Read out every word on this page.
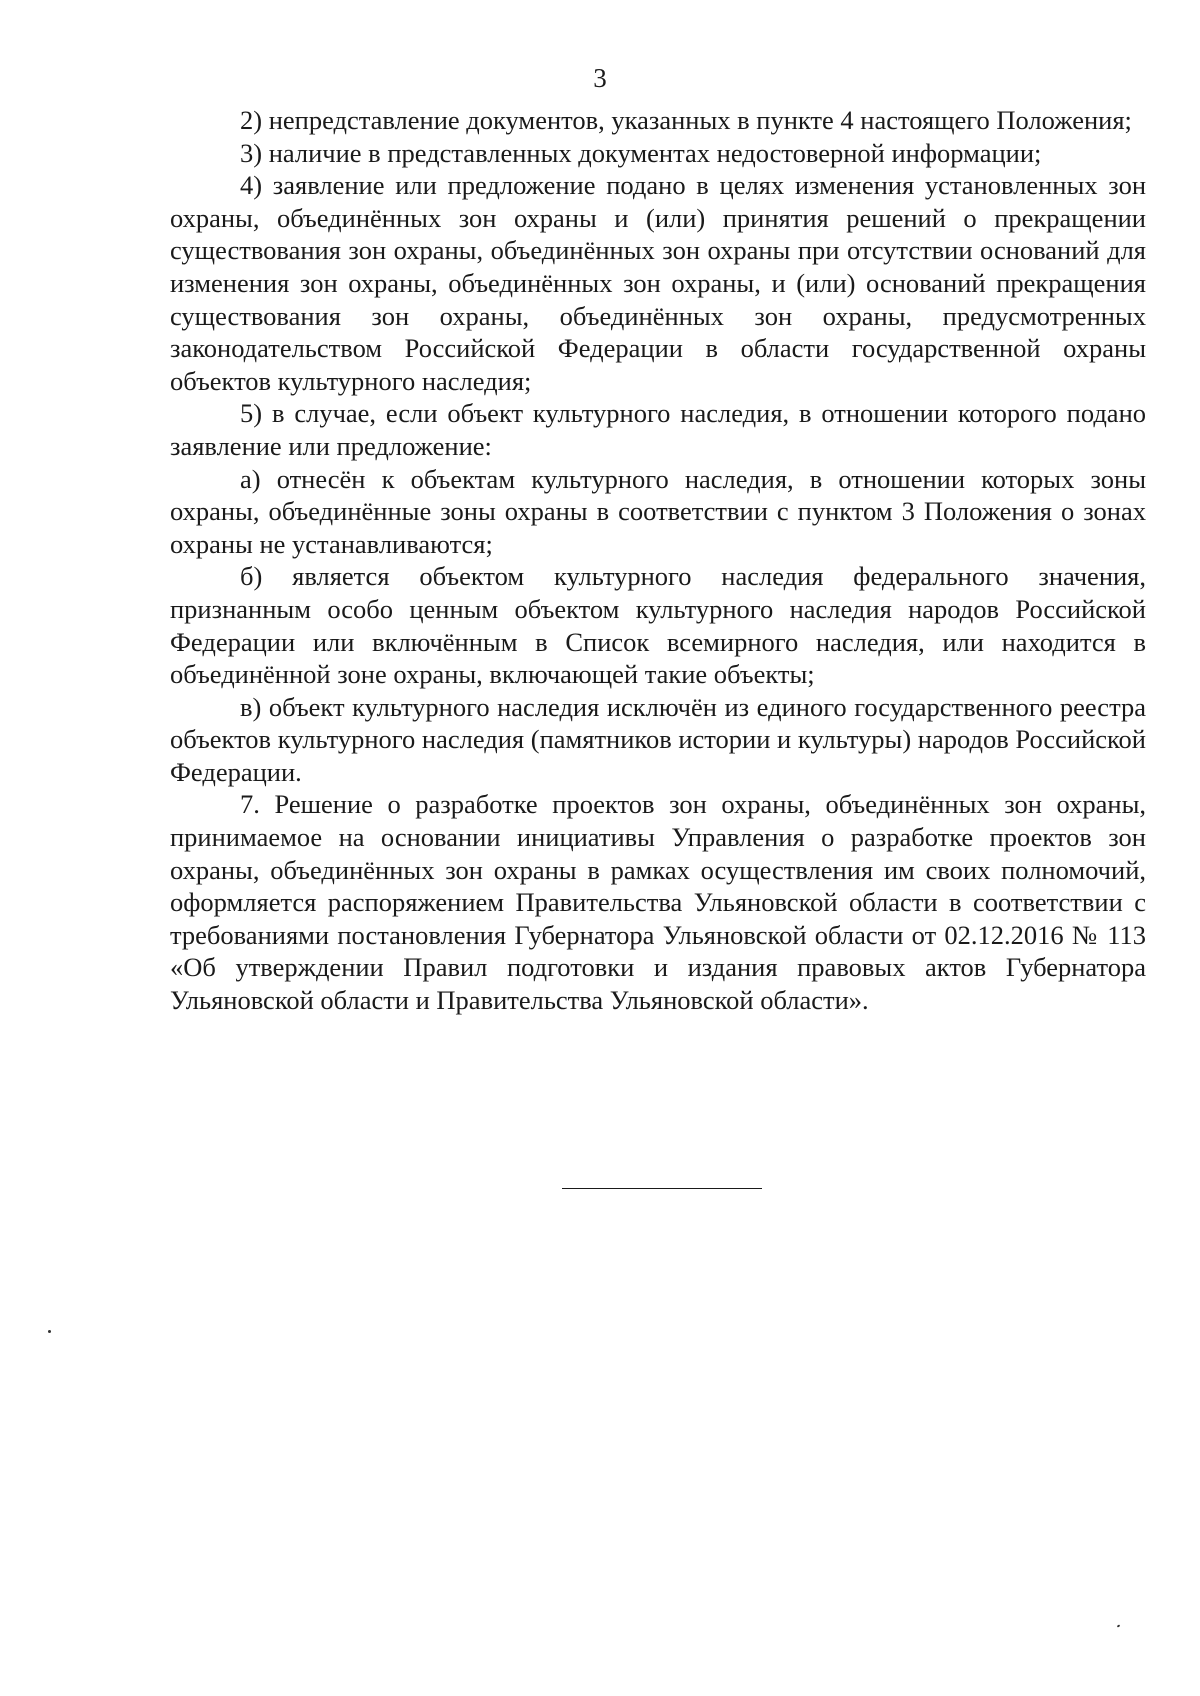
3

2) непредставление документов, указанных в пункте 4 настоящего Положения;

3) наличие в представленных документах недостоверной информации;

4) заявление или предложение подано в целях изменения установленных зон охраны, объединённых зон охраны и (или) принятия решений о прекращении существования зон охраны, объединённых зон охраны при отсутствии оснований для изменения зон охраны, объединённых зон охраны, и (или) оснований прекращения существования зон охраны, объединённых зон охраны, предусмотренных законодательством Российской Федерации в области государственной охраны объектов культурного наследия;

5) в случае, если объект культурного наследия, в отношении которого подано заявление или предложение:

а) отнесён к объектам культурного наследия, в отношении которых зоны охраны, объединённые зоны охраны в соответствии с пунктом 3 Положения о зонах охраны не устанавливаются;

б) является объектом культурного наследия федерального значения, признанным особо ценным объектом культурного наследия народов Российской Федерации или включённым в Список всемирного наследия, или находится в объединённой зоне охраны, включающей такие объекты;

в) объект культурного наследия исключён из единого государственного реестра объектов культурного наследия (памятников истории и культуры) народов Российской Федерации.

7. Решение о разработке проектов зон охраны, объединённых зон охраны, принимаемое на основании инициативы Управления о разработке проектов зон охраны, объединённых зон охраны в рамках осуществления им своих полномочий, оформляется распоряжением Правительства Ульяновской области в соответствии с требованиями постановления Губернатора Ульяновской области от 02.12.2016 № 113 «Об утверждении Правил подготовки и издания правовых актов Губернатора Ульяновской области и Правительства Ульяновской области».
